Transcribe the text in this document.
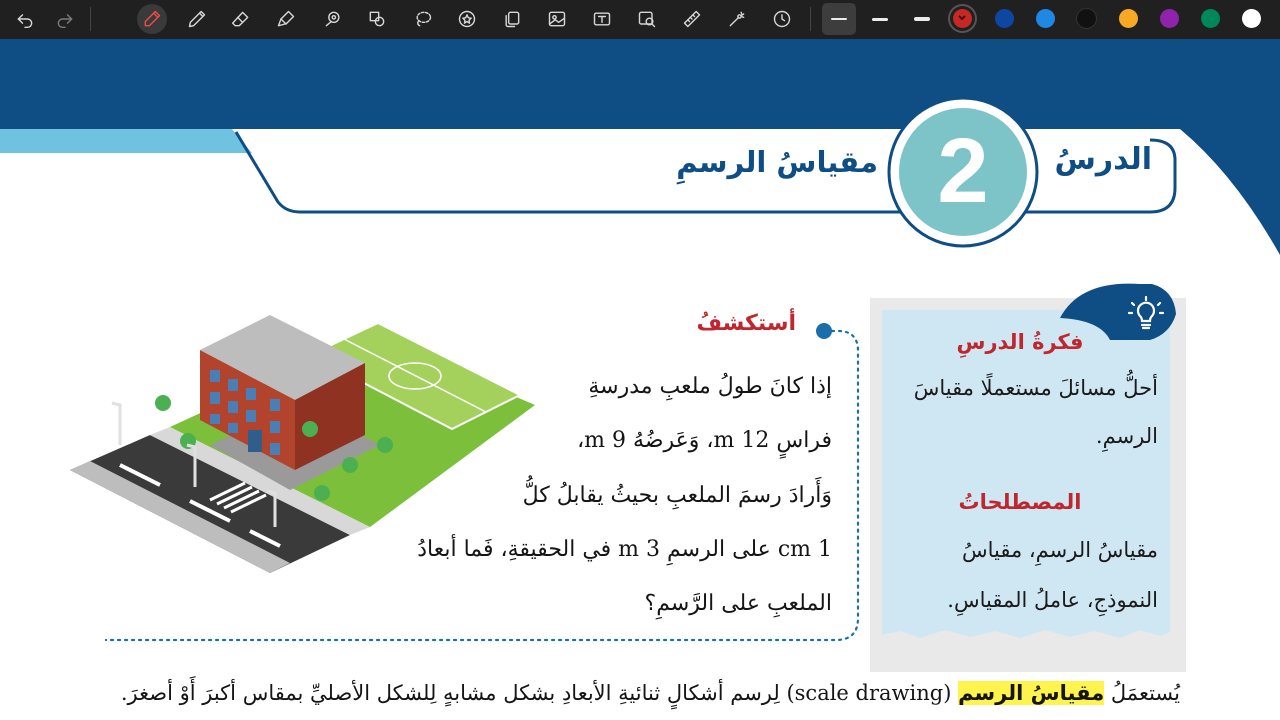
الدرسُ
2
مقياسُ الرسمِ
أستكشفُ
إذا كانَ طولُ ملعبِ مدرسةِ
فراسٍ 12 m، وَعَرضُهُ 9 m،
وَأَرادَ رسمَ الملعبِ بحيثُ يقابلُ كلُّ
1 cm على الرسمِ 3 m في الحقيقةِ، فَما أبعادُ
الملعبِ على الرَّسمِ؟
فكرةُ الدرسِ
أحلُّ مسائلَ مستعملًا مقياسَ
الرسمِ.
المصطلحاتُ
مقياسُ الرسمِ، مقياسُ
النموذجِ، عاملُ المقياسِ.
يُستعمَلُ مقياسُ الرسم (scale drawing) لِرسم أشكالٍ ثنائيةِ الأبعادِ بشكل مشابهٍ لِلشكل الأصليِّ بمقاس أكبرَ أَوْ أصغرَ.
